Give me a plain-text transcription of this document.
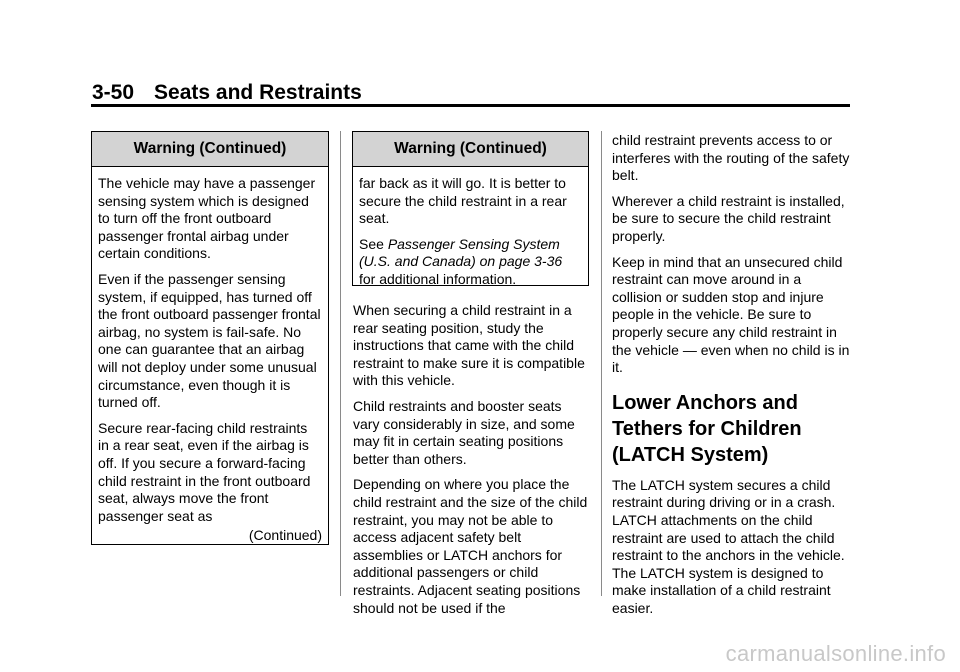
3-50 Seats and Restraints
Warning (Continued)

The vehicle may have a passenger sensing system which is designed to turn off the front outboard passenger frontal airbag under certain conditions.

Even if the passenger sensing system, if equipped, has turned off the front outboard passenger frontal airbag, no system is fail-safe. No one can guarantee that an airbag will not deploy under some unusual circumstance, even though it is turned off.

Secure rear-facing child restraints in a rear seat, even if the airbag is off. If you secure a forward-facing child restraint in the front outboard seat, always move the front passenger seat as

(Continued)

Warning (Continued)

far back as it will go. It is better to secure the child restraint in a rear seat.

See Passenger Sensing System (U.S. and Canada) on page 3-36 for additional information.

When securing a child restraint in a rear seating position, study the instructions that came with the child restraint to make sure it is compatible with this vehicle.

Child restraints and booster seats vary considerably in size, and some may fit in certain seating positions better than others.

Depending on where you place the child restraint and the size of the child restraint, you may not be able to access adjacent safety belt assemblies or LATCH anchors for additional passengers or child restraints. Adjacent seating positions should not be used if the

child restraint prevents access to or interferes with the routing of the safety belt.

Wherever a child restraint is installed, be sure to secure the child restraint properly.

Keep in mind that an unsecured child restraint can move around in a collision or sudden stop and injure people in the vehicle. Be sure to properly secure any child restraint in the vehicle — even when no child is in it.

Lower Anchors and Tethers for Children (LATCH System)

The LATCH system secures a child restraint during driving or in a crash. LATCH attachments on the child restraint are used to attach the child restraint to the anchors in the vehicle. The LATCH system is designed to make installation of a child restraint easier.

carmanualsonline.info
